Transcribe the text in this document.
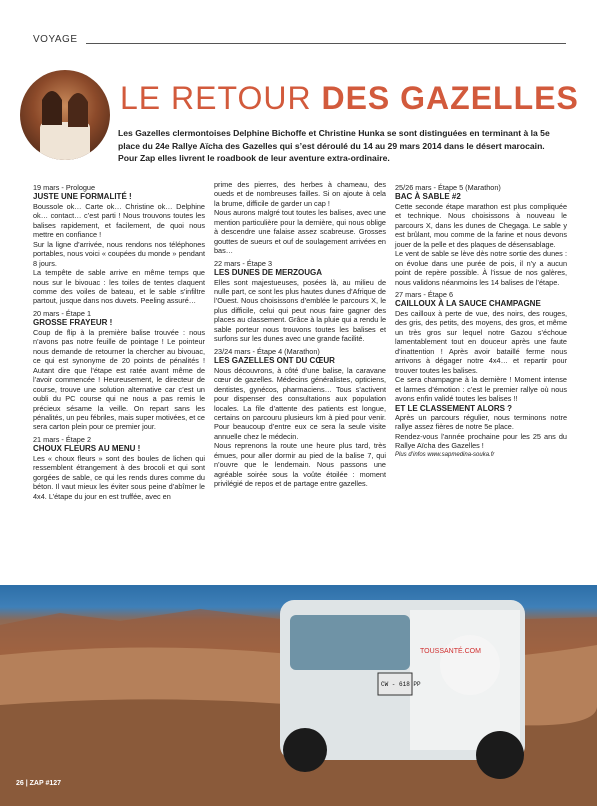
VOYAGE
LE RETOUR DES GAZELLES
Les Gazelles clermontoises Delphine Bichoffe et Christine Hunka se sont distinguées en terminant à la 5e place du 24e Rallye Aïcha des Gazelles qui s’est déroulé du 14 au 29 mars 2014 dans le désert marocain. Pour Zap elles livrent le roadbook de leur aventure extra-ordinaire.

19 mars - Prologue

JUSTE UNE FORMALITÉ !

Boussole ok… Carte ok… Christine ok… Delphine ok… contact… c’est parti ! Nous trouvons toutes les balises rapidement, et facilement, de quoi nous mettre en confiance !

Sur la ligne d’arrivée, nous rendons nos téléphones portables, nous voici « coupées du monde » pendant 8 jours.

La tempête de sable arrive en même temps que nous sur le bivouac : les toiles de tentes claquent comme des voiles de bateau, et le sable s’infiltre partout, jusque dans nos duvets. Peeling assuré…

20 mars - Étape 1

GROSSE FRAYEUR !

Coup de flip à la première balise trouvée : nous n’avons pas notre feuille de pointage ! Le pointeur nous demande de retourner la chercher au bivouac, ce qui est synonyme de 20 points de pénalités ! Autant dire que l’étape est ratée avant même de l’avoir commencée ! Heureusement, le directeur de course, trouve une solution alternative car c’est un oubli du PC course qui ne nous a pas remis le précieux sésame la veille. On repart sans les pénalités, un peu fébriles, mais super motivées, et ce sera carton plein pour ce premier jour.

21 mars - Étape 2

CHOUX FLEURS AU MENU !

Les « choux fleurs » sont des boules de lichen qui ressemblent étrangement à des brocoli et qui sont gorgées de sable, ce qui les rends dures comme du béton. Il vaut mieux les éviter sous peine d’abîmer le 4x4. L’étape du jour en est truffée, avec en

prime des pierres, des herbes à chameau, des oueds et de nombreuses failles. Si on ajoute à cela la brume, difficile de garder un cap !

Nous aurons malgré tout toutes les balises, avec une mention particulière pour la dernière, qui nous oblige à descendre une falaise assez scabreuse. Grosses gouttes de sueurs et ouf de soulagement arrivées en bas…

22 mars - Étape 3

LES DUNES DE MERZOUGA

Elles sont majestueuses, posées là, au milieu de nulle part, ce sont les plus hautes dunes d’Afrique de l’Ouest. Nous choisissons d’emblée le parcours X, le plus difficile, celui qui peut nous faire gagner des places au classement. Grâce à la pluie qui a rendu le sable porteur nous trouvons toutes les balises et surfons sur les dunes avec une grande facilité.

23/24 mars - Étape 4 (Marathon)

LES GAZELLES ONT DU CŒUR

Nous découvrons, à côté d’une balise, la caravane cœur de gazelles. Médecins généralistes, opticiens, dentistes, gynécos, pharmaciens… Tous s’activent pour dispenser des consultations aux population locales. La file d’attente des patients est longue, certains on parcouru plusieurs km à pied pour venir. Pour beaucoup d’entre eux ce sera la seule visite annuelle chez le médecin.

Nous reprenons la route une heure plus tard, très émues, pour aller dormir au pied de la balise 7, qui n’ouvre que le lendemain. Nous passons une agréable soirée sous la voûte étoilée : moment privilégié de repos et de partage entre gazelles.

25/26 mars - Étape 5 (Marathon)

BAC À SABLE #2

Cette seconde étape marathon est plus compliquée et technique. Nous choisissons à nouveau le parcours X, dans les dunes de Chegaga. Le sable y est brûlant, mou comme de la farine et nous devons jouer de la pelle et des plaques de désensablage.

Le vent de sable se lève dès notre sortie des dunes : on évolue dans une purée de pois, il n’y a aucun point de repère possible. À l’issue de nos galères, nous validons néanmoins les 14 balises de l’étape.

27 mars - Étape 6

CAILLOUX À LA SAUCE CHAMPAGNE

Des cailloux à perte de vue, des noirs, des rouges, des gris, des petits, des moyens, des gros, et même un très gros sur lequel notre Gazou s’échoue lamentablement tout en douceur après une faute d’inattention ! Après avoir bataillé ferme nous arrivons à dégager notre 4x4… et repartir pour trouver toutes les balises.

Ce sera champagne à la dernière ! Moment intense et larmes d’émotion : c’est le premier rallye où nous avons enfin validé toutes les balises !!

ET LE CLASSEMENT ALORS ?

Après un parcours régulier, nous terminons notre rallye assez fières de notre 5e place.

Rendez-vous l’année prochaine pour les 25 ans du Rallye Aïcha des Gazelles !

Plus d’infos www.sapmedina-souka.fr

TOUSSANTÉ.COM
CW - 618 PP
26 | ZAP #127
